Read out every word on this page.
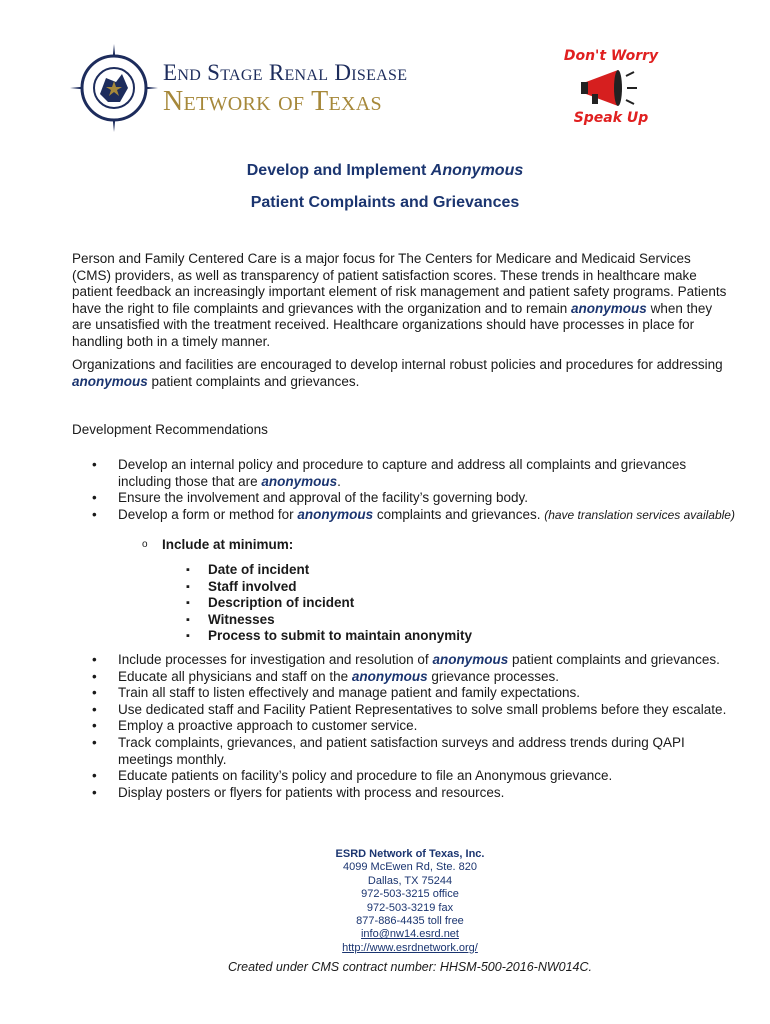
End Stage Renal Disease
Network of Texas
Don't Worry
Speak Up
Develop and Implement Anonymous
Patient Complaints and Grievances

Person and Family Centered Care is a major focus for The Centers for Medicare and Medicaid Services (CMS) providers, as well as transparency of patient satisfaction scores. These trends in healthcare make patient feedback an increasingly important element of risk management and patient safety programs. Patients have the right to file complaints and grievances with the organization and to remain anonymous when they are unsatisfied with the treatment received. Healthcare organizations should have processes in place for handling both in a timely manner.

Organizations and facilities are encouraged to develop internal robust policies and procedures for addressing anonymous patient complaints and grievances.

Development Recommendations
• Develop an internal policy and procedure to capture and address all complaints and grievances including those that are anonymous.
• Ensure the involvement and approval of the facility’s governing body.
• Develop a form or method for anonymous complaints and grievances. (have translation services available)
o Include at minimum:
▪ Date of incident
▪ Staff involved
▪ Description of incident
▪ Witnesses
▪ Process to submit to maintain anonymity
• Include processes for investigation and resolution of anonymous patient complaints and grievances.
• Educate all physicians and staff on the anonymous grievance processes.
• Train all staff to listen effectively and manage patient and family expectations.
• Use dedicated staff and Facility Patient Representatives to solve small problems before they escalate.
• Employ a proactive approach to customer service.
• Track complaints, grievances, and patient satisfaction surveys and address trends during QAPI meetings monthly.
• Educate patients on facility’s policy and procedure to file an Anonymous grievance.
• Display posters or flyers for patients with process and resources.
ESRD Network of Texas, Inc.
4099 McEwen Rd, Ste. 820
Dallas, TX 75244
972-503-3215 office
972-503-3219 fax
877-886-4435 toll free
info@nw14.esrd.net
http://www.esrdnetwork.org/
Created under CMS contract number: HHSM-500-2016-NW014C.
